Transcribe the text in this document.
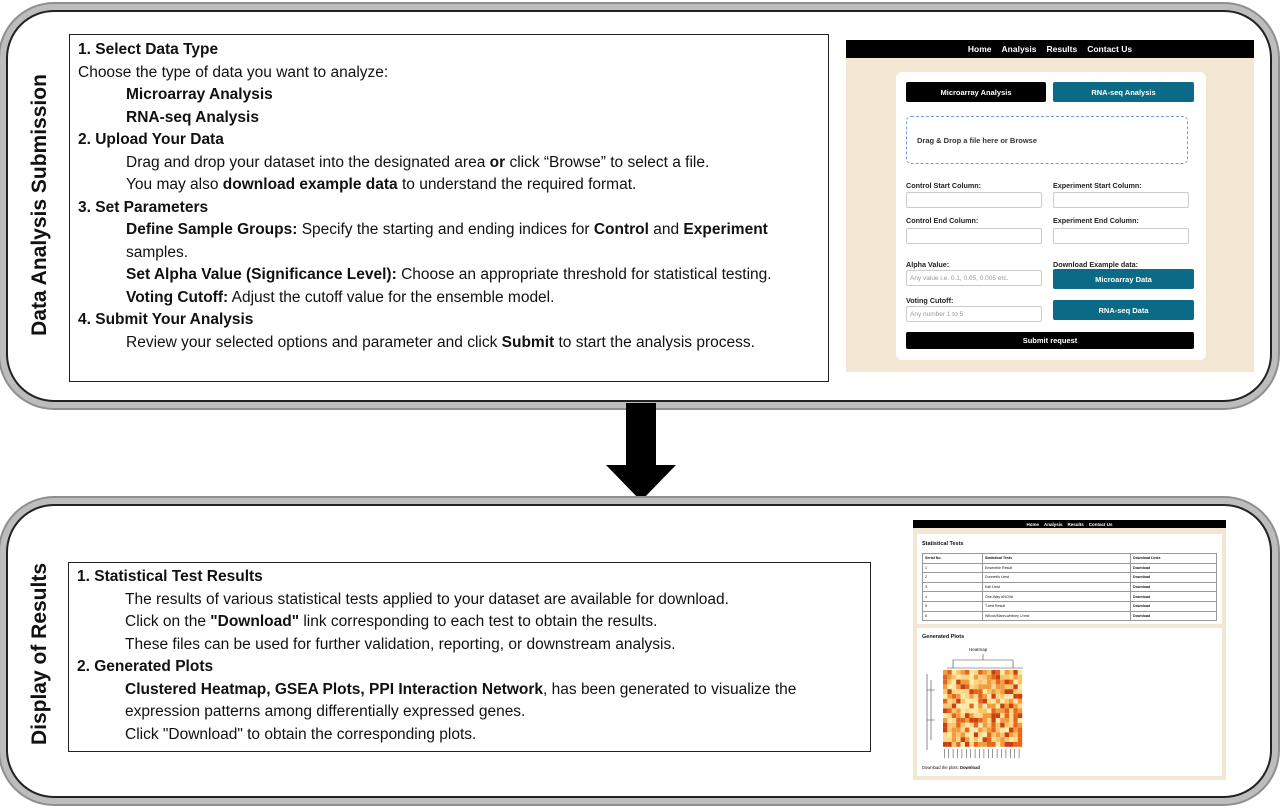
Data Analysis Submission
1. Select Data Type
Choose the type of data you want to analyze:
Microarray Analysis
RNA-seq Analysis
2. Upload Your Data
Drag and drop your dataset into the designated area or click “Browse” to select a file.
You may also download example data to understand the required format.
3. Set Parameters
Define Sample Groups: Specify the starting and ending indices for Control and Experiment samples.
Set Alpha Value (Significance Level): Choose an appropriate threshold for statistical testing.
Voting Cutoff: Adjust the cutoff value for the ensemble model.
4. Submit Your Analysis
Review your selected options and parameter and click Submit to start the analysis process.
Home Analysis Results Contact Us
Microarray Analysis	RNA-seq Analysis
Drag & Drop a file here or Browse
Control Start Column:	Experiment Start Column:
Control End Column:	Experiment End Column:
Alpha Value:	Download Example data:
Any value i.e. 0.1, 0.05, 0.005 etc.	Microarray Data
Voting Cutoff:
Any number 1 to 5	RNA-seq Data
Submit request
Display of Results 1. Statistical Test Results
The results of various statistical tests applied to your dataset are available for download.
Click on the "Download" link corresponding to each test to obtain the results.
These files can be used for further validation, reporting, or downstream analysis.
2. Generated Plots
Clustered Heatmap, GSEA Plots, PPI Interaction Network, has been generated to visualize the expression patterns among differentially expressed genes.
Click "Download" to obtain the corresponding plots.
Home Analysis Results Contact Us
Statistical Tests
Serial No.	Statistical Tests	Download Links
1	Ensemble Result	Download
2	Dunnett's t-test	Download
3	Kall t-test	Download
4	One-Way ANOVA	Download
5	T-test Result	Download
6	Wilcox/Mann-whitney U test	Download
Generated Plots
Heatmap
Download the plots: Download
